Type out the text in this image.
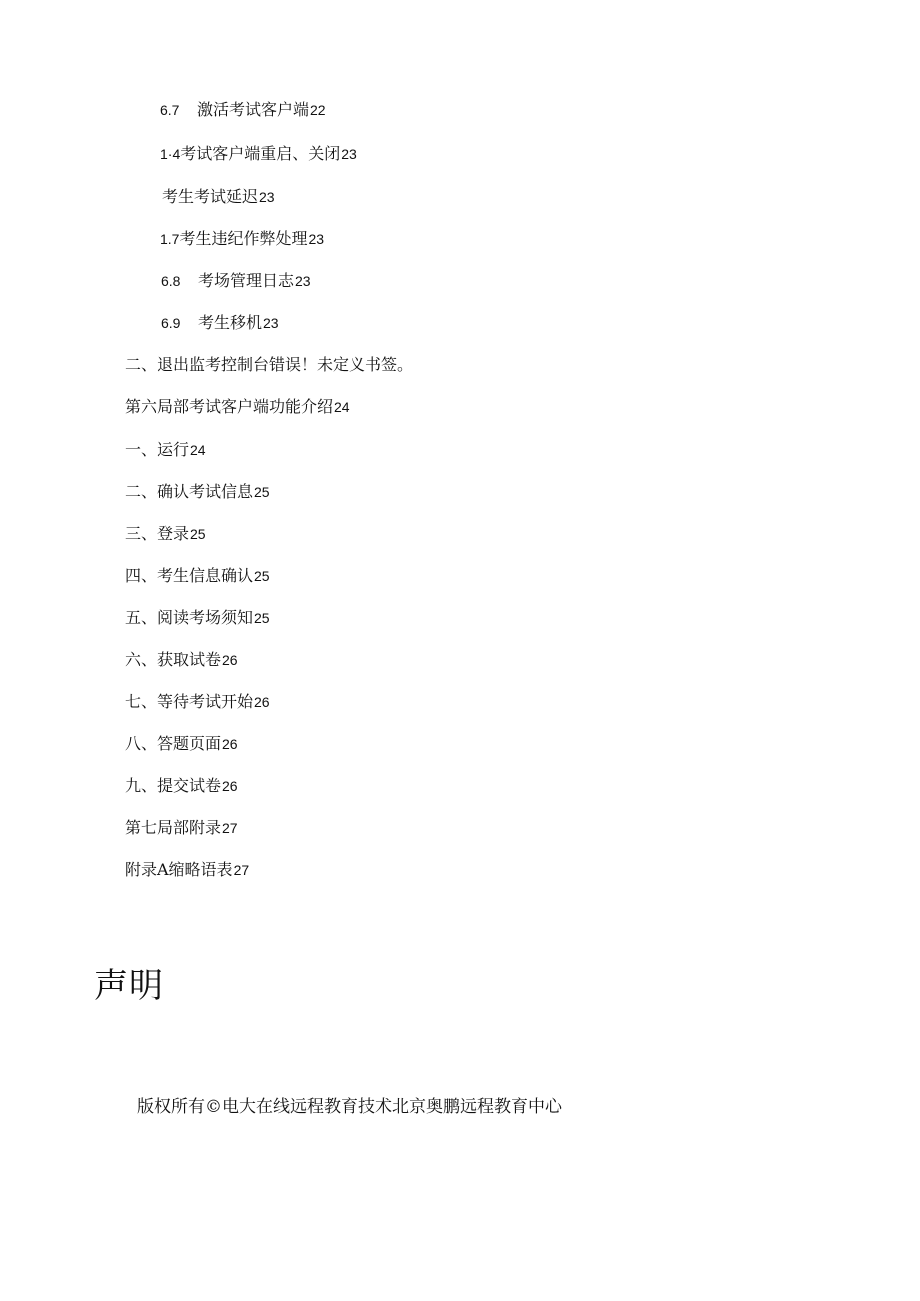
6.7 激活考试客户端22
1·4考试客户端重启、关闭23
考生考试延迟23
1.7考生违纪作弊处理23
6.8 考场管理日志23
6.9 考生移机23
二、退出监考控制台错误！未定义书签。
第六局部考试客户端功能介绍24
一、运行24
二、确认考试信息25
三、登录25
四、考生信息确认25
五、阅读考场须知25
六、获取试卷26
七、等待考试开始26
八、答题页面26
九、提交试卷26
第七局部附录27
附录A缩略语表27
声明
版权所有©电大在线远程教育技术北京奥鹏远程教育中心
